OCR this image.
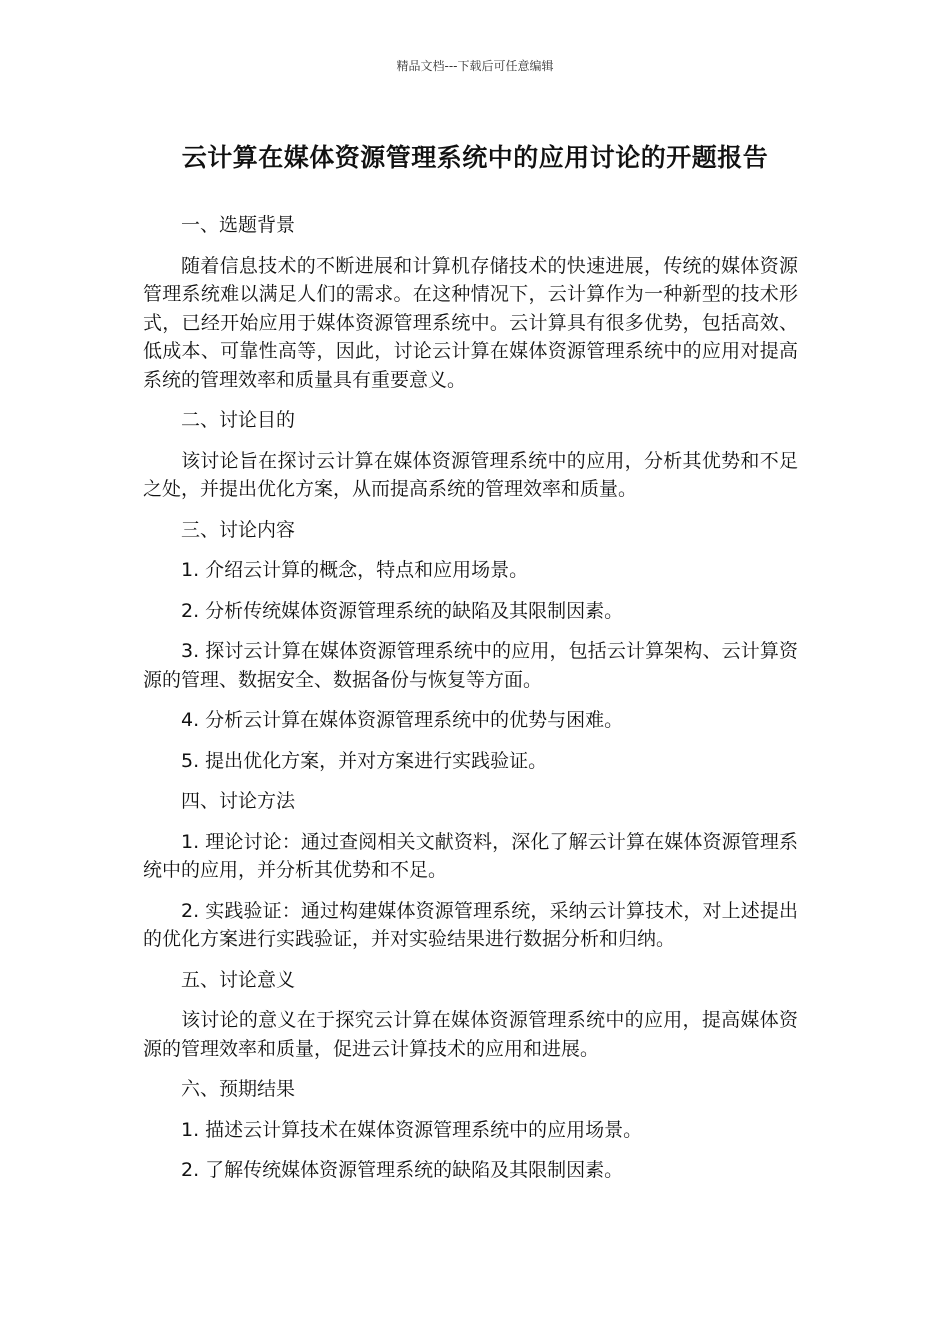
精品文档---下载后可任意编辑
云计算在媒体资源管理系统中的应用讨论的开题报告

一、选题背景

随着信息技术的不断进展和计算机存储技术的快速进展，传统的媒体资源管理系统难以满足人们的需求。在这种情况下，云计算作为一种新型的技术形式，已经开始应用于媒体资源管理系统中。云计算具有很多优势，包括高效、低成本、可靠性高等，因此，讨论云计算在媒体资源管理系统中的应用对提高系统的管理效率和质量具有重要意义。

二、讨论目的

该讨论旨在探讨云计算在媒体资源管理系统中的应用，分析其优势和不足之处，并提出优化方案，从而提高系统的管理效率和质量。

三、讨论内容

1. 介绍云计算的概念，特点和应用场景。

2. 分析传统媒体资源管理系统的缺陷及其限制因素。

3. 探讨云计算在媒体资源管理系统中的应用，包括云计算架构、云计算资源的管理、数据安全、数据备份与恢复等方面。

4. 分析云计算在媒体资源管理系统中的优势与困难。

5. 提出优化方案，并对方案进行实践验证。

四、讨论方法

1. 理论讨论：通过查阅相关文献资料，深化了解云计算在媒体资源管理系统中的应用，并分析其优势和不足。

2. 实践验证：通过构建媒体资源管理系统，采纳云计算技术，对上述提出的优化方案进行实践验证，并对实验结果进行数据分析和归纳。

五、讨论意义

该讨论的意义在于探究云计算在媒体资源管理系统中的应用，提高媒体资源的管理效率和质量，促进云计算技术的应用和进展。

六、预期结果

1. 描述云计算技术在媒体资源管理系统中的应用场景。

2. 了解传统媒体资源管理系统的缺陷及其限制因素。
